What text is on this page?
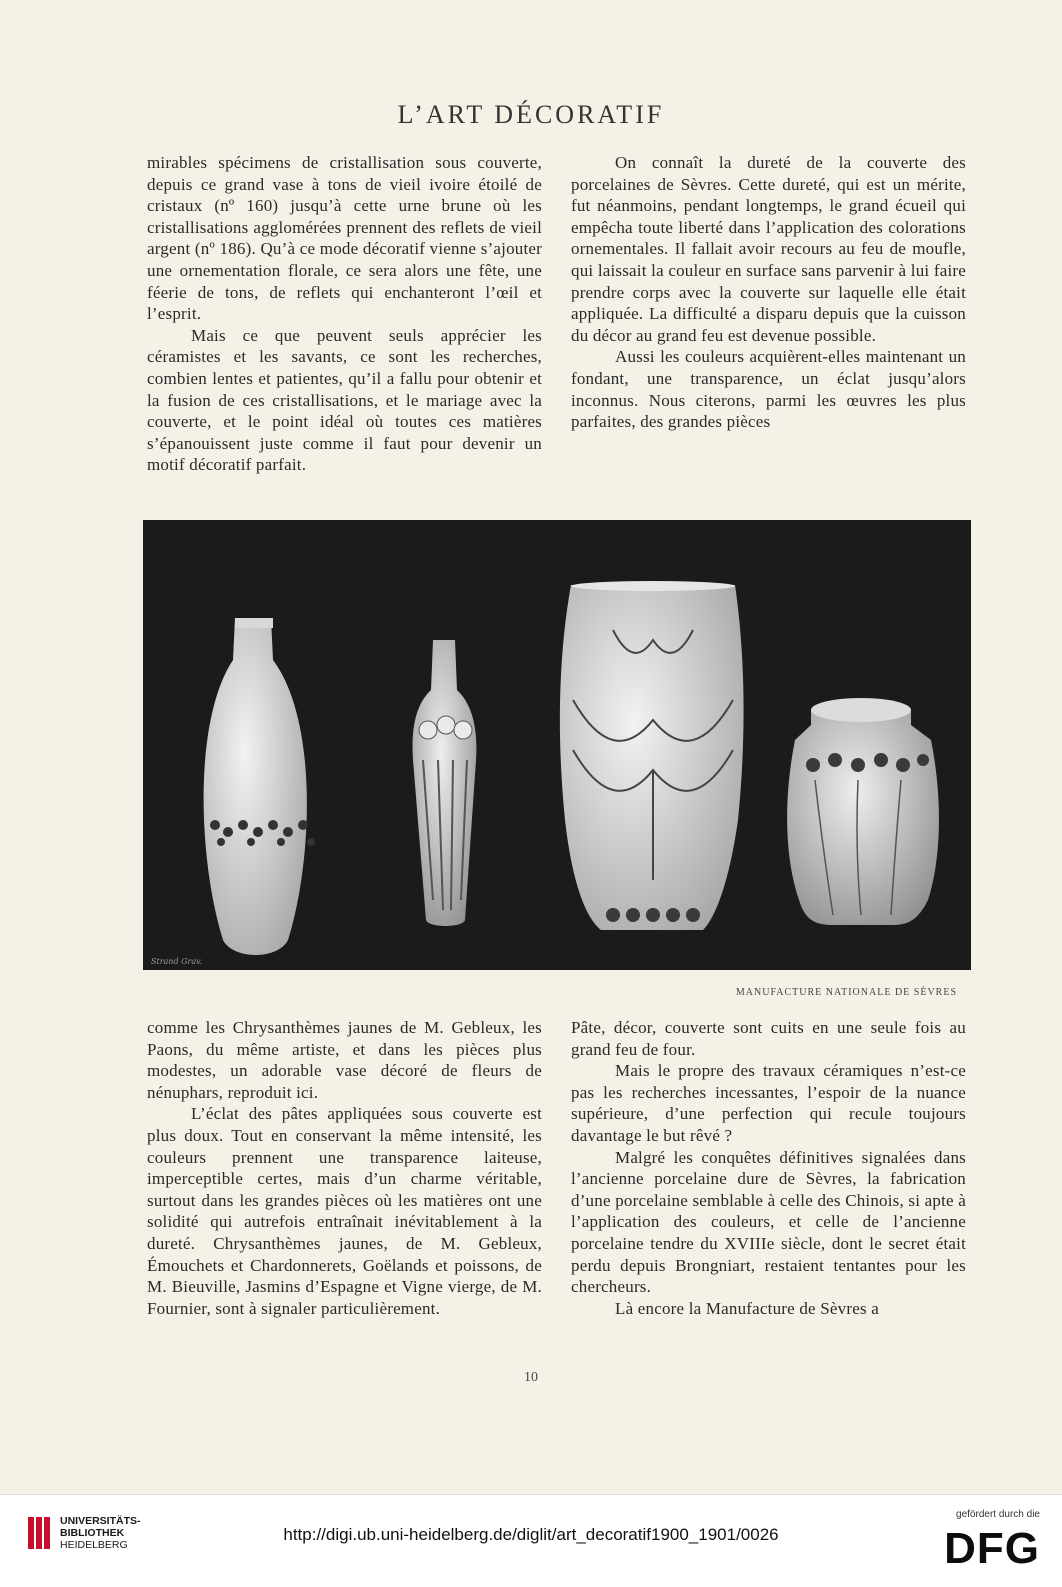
L’ART DÉCORATIF

mirables spécimens de cristallisation sous couverte, depuis ce grand vase à tons de vieil ivoire étoilé de cristaux (nº 160) jusqu’à cette urne brune où les cristallisations agglomérées prennent des reflets de vieil argent (nº 186). Qu’à ce mode décoratif vienne s’ajouter une ornementation florale, ce sera alors une fête, une féerie de tons, de reflets qui enchanteront l’œil et l’esprit.

Mais ce que peuvent seuls apprécier les céramistes et les savants, ce sont les recherches, combien lentes et patientes, qu’il a fallu pour obtenir et la fusion de ces cristallisations, et le mariage avec la couverte, et le point idéal où toutes ces matières s’épanouissent juste comme il faut pour devenir un motif décoratif parfait.

On connaît la dureté de la couverte des porcelaines de Sèvres. Cette dureté, qui est un mérite, fut néanmoins, pendant longtemps, le grand écueil qui empêcha toute liberté dans l’application des colorations ornementales. Il fallait avoir recours au feu de moufle, qui laissait la couleur en surface sans parvenir à lui faire prendre corps avec la couverte sur laquelle elle était appliquée. La difficulté a disparu depuis que la cuisson du décor au grand feu est devenue possible.

Aussi les couleurs acquièrent-elles maintenant un fondant, une transparence, un éclat jusqu’alors inconnus. Nous citerons, parmi les œuvres les plus parfaites, des grandes pièces

Strand Grav.
MANUFACTURE NATIONALE DE SÈVRES

comme les Chrysanthèmes jaunes de M. Gebleux, les Paons, du même artiste, et dans les pièces plus modestes, un adorable vase décoré de fleurs de nénuphars, reproduit ici.

L’éclat des pâtes appliquées sous couverte est plus doux. Tout en conservant la même intensité, les couleurs prennent une transparence laiteuse, imperceptible certes, mais d’un charme véritable, surtout dans les grandes pièces où les matières ont une solidité qui autrefois entraînait inévitablement à la dureté. Chrysanthèmes jaunes, de M. Gebleux, Émouchets et Chardonnerets, Goëlands et poissons, de M. Bieuville, Jasmins d’Espagne et Vigne vierge, de M. Fournier, sont à signaler particulièrement.

Pâte, décor, couverte sont cuits en une seule fois au grand feu de four.

Mais le propre des travaux céramiques n’est-ce pas les recherches incessantes, l’espoir de la nuance supérieure, d’une perfection qui recule toujours davantage le but rêvé ?

Malgré les conquêtes définitives signalées dans l’ancienne porcelaine dure de Sèvres, la fabrication d’une porcelaine semblable à celle des Chinois, si apte à l’application des couleurs, et celle de l’ancienne porcelaine tendre du XVIIIe siècle, dont le secret était perdu depuis Brongniart, restaient tentantes pour les chercheurs.

Là encore la Manufacture de Sèvres a

10
UNIVERSITÄTS-
BIBLIOTHEK
HEIDELBERG
http://digi.ub.uni-heidelberg.de/diglit/art_decoratif1900_1901/0026
gefördert durch die
DFG
